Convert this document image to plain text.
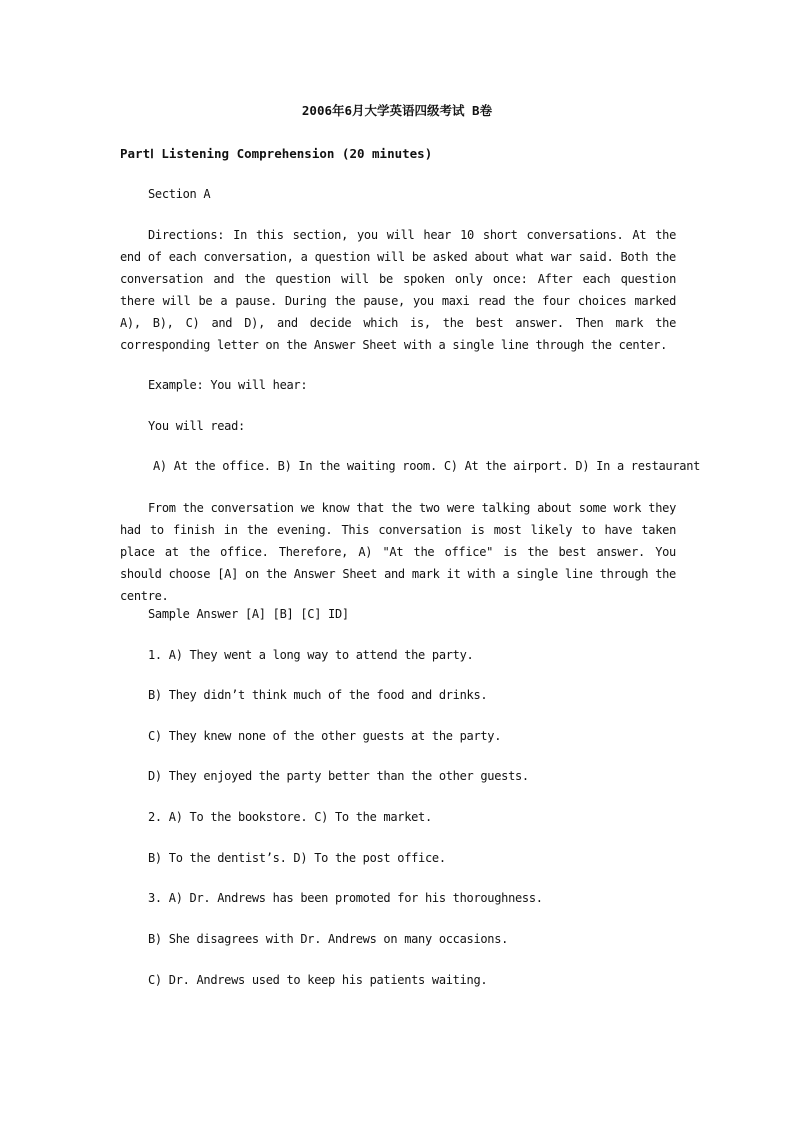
2006年6月大学英语四级考试 B卷
PartⅠ Listening Comprehension (20 minutes)
Section A
Directions: In this section, you will hear 10 short conversations. At the end of each conversation, a question will be asked about what war said. Both the conversation and the question will be spoken only once: After each question there will be a pause. During the pause, you maxi read the four choices marked A), B), C) and D), and decide which is, the best answer. Then mark the corresponding letter on the Answer Sheet with a single line through the center.
Example: You will hear:
You will read:
A) At the office. B) In the waiting room. C) At the airport. D) In a restaurant
From the conversation we know that the two were talking about some work they had to finish in the evening. This conversation is most likely to have taken place at the office. Therefore, A) "At the office" is the best answer. You should choose [A] on the Answer Sheet and mark it with a single line through the centre.
Sample Answer [A] [B] [C] ID]
1. A) They went a long way to attend the party.
B) They didn’t think much of the food and drinks.
C) They knew none of the other guests at the party.
D) They enjoyed the party better than the other guests.
2. A) To the bookstore. C) To the market.
B) To the dentist’s. D) To the post office.
3. A) Dr. Andrews has been promoted for his thoroughness.
B) She disagrees with Dr. Andrews on many occasions.
C) Dr. Andrews used to keep his patients waiting.
